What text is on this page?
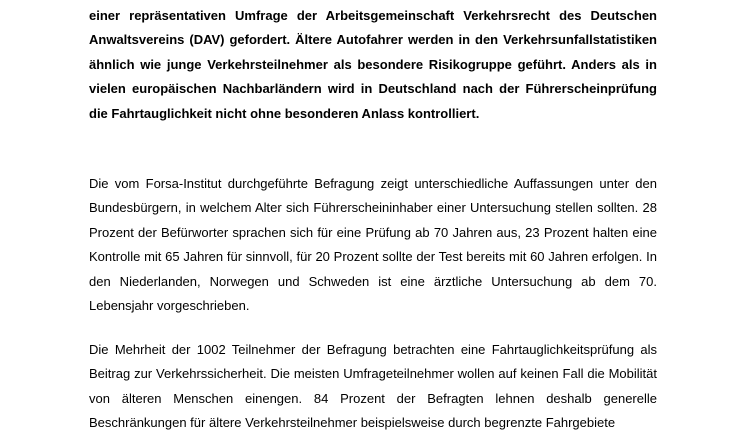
einer repräsentativen Umfrage der Arbeitsgemeinschaft Verkehrsrecht des Deutschen Anwaltsvereins (DAV) gefordert. Ältere Autofahrer werden in den Verkehrsunfallstatistiken ähnlich wie junge Verkehrsteilnehmer als besondere Risikogruppe geführt. Anders als in vielen europäischen Nachbarländern wird in Deutschland nach der Führerscheinprüfung die Fahrtauglichkeit nicht ohne besonderen Anlass kontrolliert.

Die vom Forsa-Institut durchgeführte Befragung zeigt unterschiedliche Auffassungen unter den Bundesbürgern, in welchem Alter sich Führerscheininhaber einer Untersuchung stellen sollten. 28 Prozent der Befürworter sprachen sich für eine Prüfung ab 70 Jahren aus, 23 Prozent halten eine Kontrolle mit 65 Jahren für sinnvoll, für 20 Prozent sollte der Test bereits mit 60 Jahren erfolgen. In den Niederlanden, Norwegen und Schweden ist eine ärztliche Untersuchung ab dem 70. Lebensjahr vorgeschrieben.

Die Mehrheit der 1002 Teilnehmer der Befragung betrachten eine Fahrtauglichkeitsprüfung als Beitrag zur Verkehrssicherheit. Die meisten Umfrageteilnehmer wollen auf keinen Fall die Mobilität von älteren Menschen einengen. 84 Prozent der Befragten lehnen deshalb generelle Beschränkungen für ältere Verkehrsteilnehmer beispielsweise durch begrenzte Fahrgebiete
